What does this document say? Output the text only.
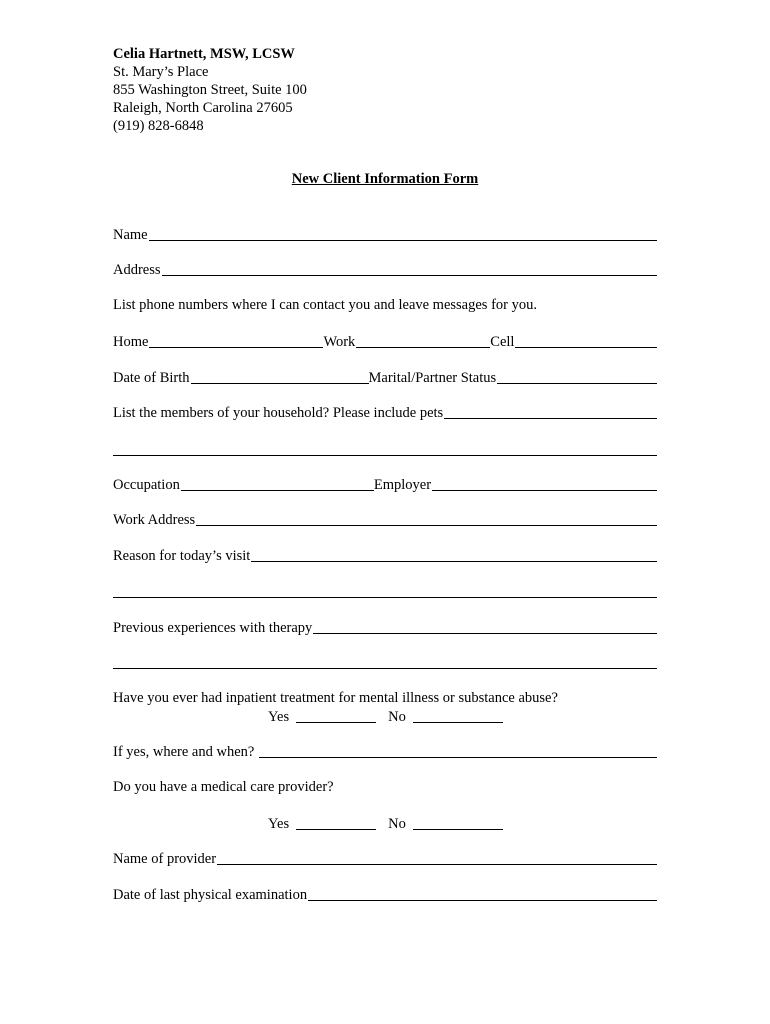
Celia Hartnett, MSW, LCSW
St. Mary’s Place
855 Washington Street, Suite 100
Raleigh, North Carolina 27605
(919) 828-6848
New Client Information Form
Name
Address
List phone numbers where I can contact you and leave messages for you.
Home	Work	Cell
Date of Birth	Marital/Partner Status
List the members of your household? Please include pets
Occupation	Employer
Work Address
Reason for today’s visit
Previous experiences with therapy
Have you ever had inpatient treatment for mental illness or substance abuse?
Yes	No
If yes, where and when?
Do you have a medical care provider?
Yes	No
Name of provider
Date of last physical examination
